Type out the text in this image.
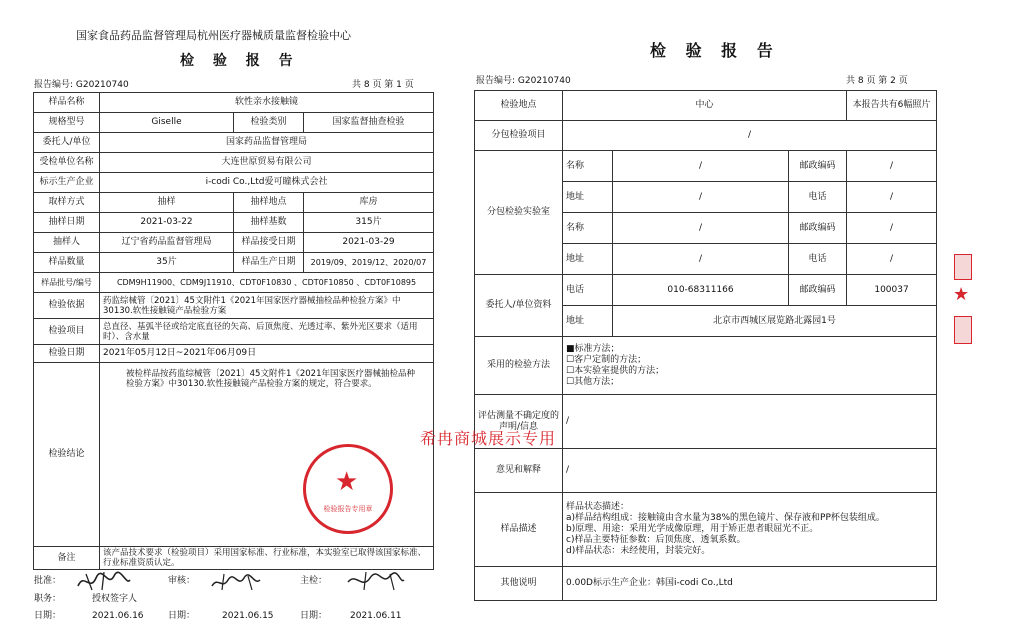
国家食品药品监督管理局杭州医疗器械质量监督检验中心
检 验 报 告
报告编号: G20210740	共 8 页 第 1 页
样品名称	软性亲水接触镜		
规格型号	Giselle	检验类别	国家监督抽查检验
委托人/单位	国家药品监督管理局		
受检单位名称	大连世原贸易有限公司		
标示生产企业	i-codi Co.,Ltd爱可瞳株式会社		
取样方式	抽样	抽样地点	库房
抽样日期	2021-03-22	抽样基数	315片
抽样人	辽宁省药品监督管理局	样品接受日期	2021-03-29
样品数量	35片	样品生产日期	2019/09、2019/12、2020/07
样品批号/编号	CDM9H11900、CDM9J11910、CDT0F10830 、CDT0F10850 、CDT0F10895		
检验依据	药监综械管〔2021〕45文附件1《2021年国家医疗器械抽检品种检验方案》中30130.软性接触镜产品检验方案		
检验项目	总直径、基弧半径或给定底直径的矢高、后顶焦度、光透过率、紫外光区要求（适用时）、含水量		
检验日期	2021年05月12日~2021年06月09日		
检验结论	被检样品按药监综械管〔2021〕45文附件1《2021年国家医疗器械抽检品种检验方案》中30130.软性接触镜产品检验方案的规定，符合要求。		
备注	该产品技术要求（检验项目）采用国家标准、行业标准，本实验室已取得该国家标准、行业标准资质认定。		
★
检验报告专用章
批准：
职务：	授权签字人
审核：	主检：
日期：	2021.06.16	日期：	2021.06.15	日期：	2021.06.11
检 验 报 告
报告编号: G20210740	共 8 页 第 2 页
检验地点	中心			本报告共有6幅照片
分包检验项目	/			
分包检验实验室	名称	/	邮政编码	/
	地址	/	电话	/
	名称	/	邮政编码	/
	地址	/	电话	/
委托人/单位资料	电话	010-68311166	邮政编码	100037
	地址	北京市西城区展览路北露园1号		
采用的检验方法	■标准方法；
☐客户定制的方法；
☐本实验室提供的方法；
☐其他方法；			

评估测量不确定度的声明/信息	/			
意见和解释	/			
样品描述	样品状态描述：
a)样品结构组成：接触镜由含水量为38%的黑色镜片、保存液和PP杯包装组成。
b)原理、用途：采用光学成像原理，用于矫正患者眼屈光不正。
c)样品主要特征参数：后顶焦度、透氧系数。
d)样品状态：未经使用，封装完好。			

其他说明	0.00D标示生产企业：韩国i-codi Co.,Ltd			
希冉商城展示专用
★
